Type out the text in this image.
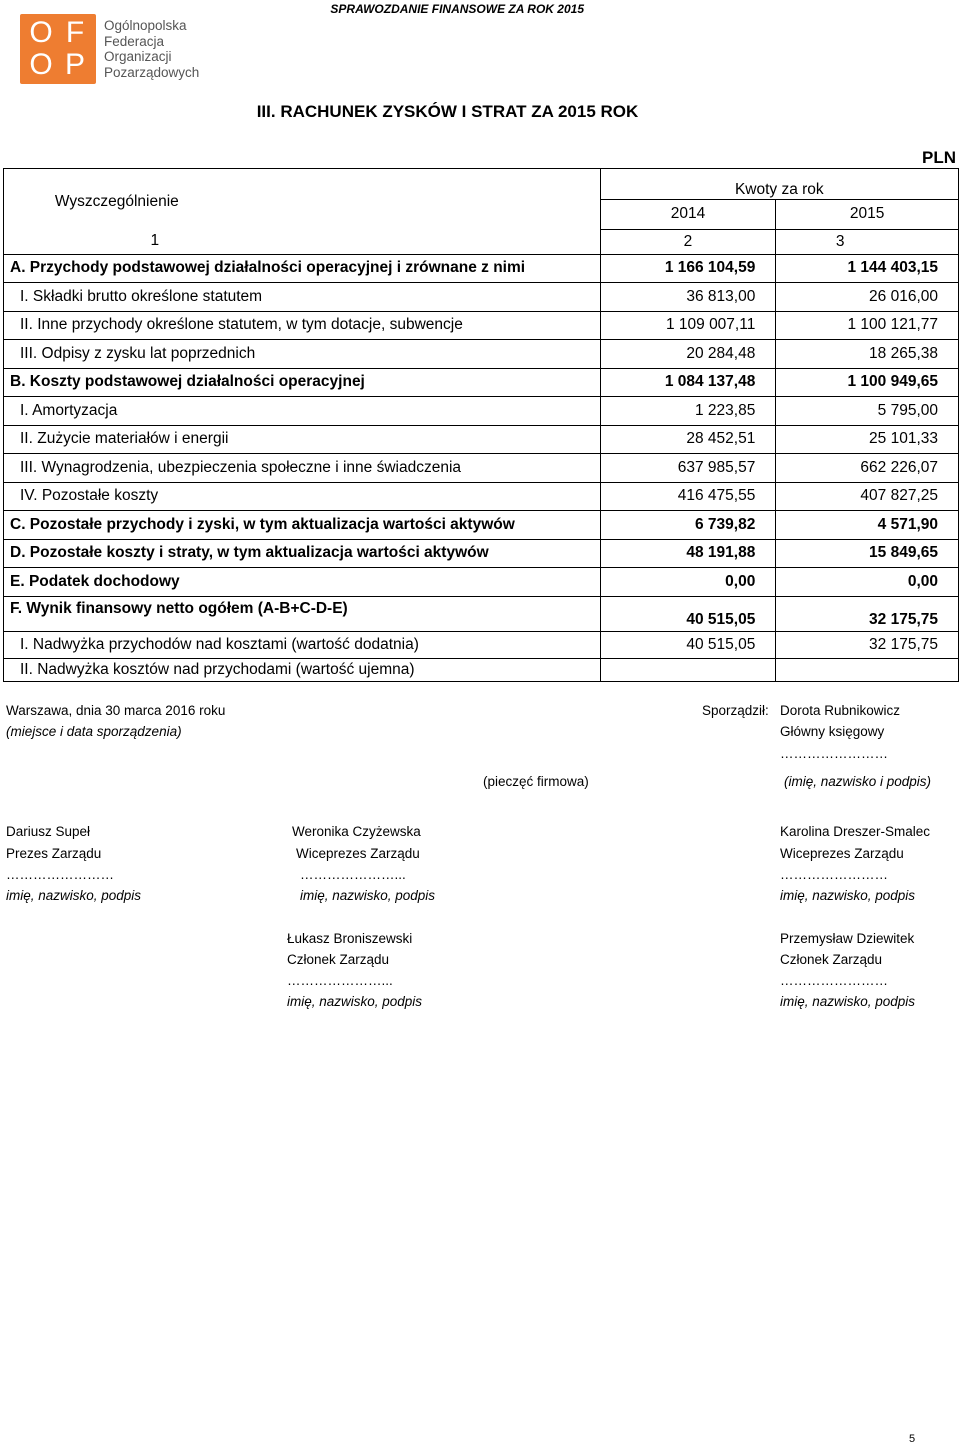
O F
O P
Ogólnopolska
Federacja
Organizacji
Pozarządowych
SPRAWOZDANIE FINANSOWE ZA ROK 2015
III. RACHUNEK ZYSKÓW I STRAT ZA 2015 ROK
PLN
Wyszczególnienie	Kwoty za rok	
	2014	2015
1	2	3
A. Przychody podstawowej działalności operacyjnej i zrównane z nimi	1 166 104,59	1 144 403,15
I. Składki brutto określone statutem	36 813,00	26 016,00
II. Inne przychody określone statutem, w tym dotacje, subwencje	1 109 007,11	1 100 121,77
III. Odpisy z zysku lat poprzednich	20 284,48	18 265,38
B. Koszty podstawowej działalności operacyjnej	1 084 137,48	1 100 949,65
I. Amortyzacja	1 223,85	5 795,00
II. Zużycie materiałów i energii	28 452,51	25 101,33
III. Wynagrodzenia, ubezpieczenia społeczne i inne świadczenia	637 985,57	662 226,07
IV. Pozostałe koszty	416 475,55	407 827,25
C. Pozostałe przychody i zyski, w tym aktualizacja wartości aktywów	6 739,82	4 571,90
D. Pozostałe koszty i straty, w tym aktualizacja wartości aktywów	48 191,88	15 849,65
E. Podatek dochodowy	0,00	0,00
F. Wynik finansowy netto ogółem (A-B+C-D-E)	40 515,05	32 175,75
I. Nadwyżka przychodów nad kosztami (wartość dodatnia)	40 515,05	32 175,75
II. Nadwyżka kosztów nad przychodami (wartość ujemna)		
Warszawa, dnia 30 marca 2016 roku
(miejsce i data sporządzenia)
Sporządził: Dorota Rubnikowicz
Główny księgowy
……………………
(pieczęć firmowa)	(imię, nazwisko i podpis)
Dariusz Supeł
Prezes Zarządu
……………………
imię, nazwisko, podpis
Weronika Czyżewska
Wiceprezes Zarządu
…………………...
imię, nazwisko, podpis
Karolina Dreszer-Smalec
Wiceprezes Zarządu
……………………
imię, nazwisko, podpis
Łukasz Broniszewski
Członek Zarządu
…………………...
imię, nazwisko, podpis
Przemysław Dziewitek
Członek Zarządu
……………………
imię, nazwisko, podpis
5
